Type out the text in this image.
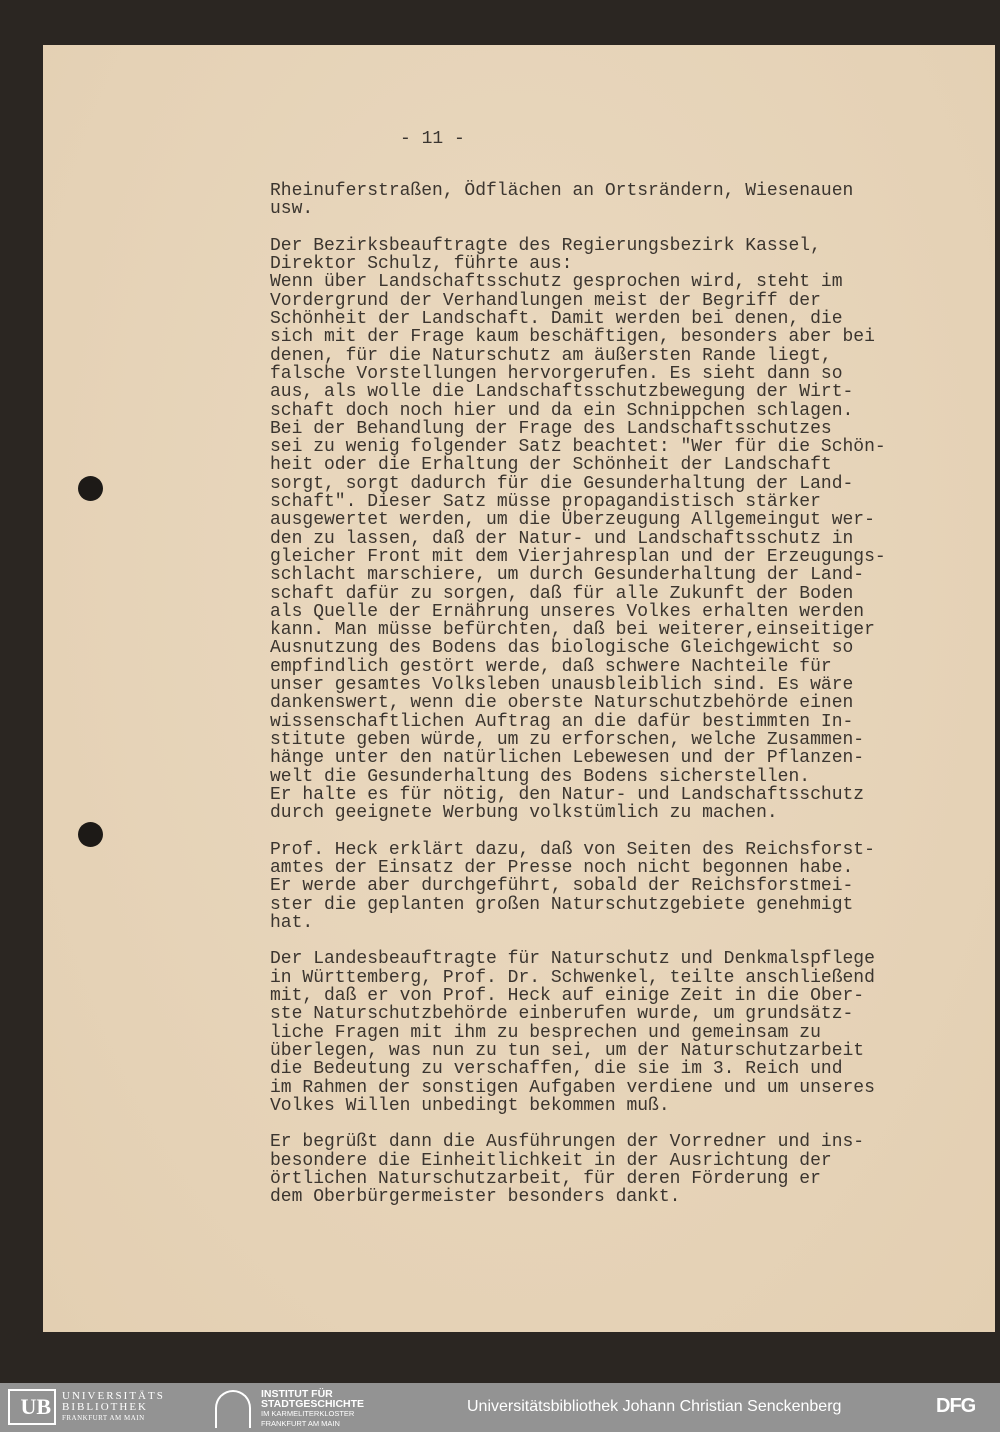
- 11 -
Rheinuferstraßen, Ödflächen an Ortsrändern, Wiesenauen
usw.
Der Bezirksbeauftragte des Regierungsbezirk Kassel,
Direktor Schulz, führte aus:
Wenn über Landschaftsschutz gesprochen wird, steht im
Vordergrund der Verhandlungen meist der Begriff der
Schönheit der Landschaft. Damit werden bei denen, die
sich mit der Frage kaum beschäftigen, besonders aber bei
denen, für die Naturschutz am äußersten Rande liegt,
falsche Vorstellungen hervorgerufen. Es sieht dann so
aus, als wolle die Landschaftsschutzbewegung der Wirt-
schaft doch noch hier und da ein Schnippchen schlagen.
Bei der Behandlung der Frage des Landschaftsschutzes
sei zu wenig folgender Satz beachtet: "Wer für die Schön-
heit oder die Erhaltung der Schönheit der Landschaft
sorgt, sorgt dadurch für die Gesunderhaltung der Land-
schaft". Dieser Satz müsse propagandistisch stärker
ausgewertet werden, um die Überzeugung Allgemeingut wer-
den zu lassen, daß der Natur- und Landschaftsschutz in
gleicher Front mit dem Vierjahresplan und der Erzeugungs-
schlacht marschiere, um durch Gesunderhaltung der Land-
schaft dafür zu sorgen, daß für alle Zukunft der Boden
als Quelle der Ernährung unseres Volkes erhalten werden
kann. Man müsse befürchten, daß bei weiterer,einseitiger
Ausnutzung des Bodens das biologische Gleichgewicht so
empfindlich gestört werde, daß schwere Nachteile für
unser gesamtes Volksleben unausbleiblich sind. Es wäre
dankenswert, wenn die oberste Naturschutzbehörde einen
wissenschaftlichen Auftrag an die dafür bestimmten In-
stitute geben würde, um zu erforschen, welche Zusammen-
hänge unter den natürlichen Lebewesen und der Pflanzen-
welt die Gesunderhaltung des Bodens sicherstellen.
Er halte es für nötig, den Natur- und Landschaftsschutz
durch geeignete Werbung volkstümlich zu machen.
Prof. Heck erklärt dazu, daß von Seiten des Reichsforst-
amtes der Einsatz der Presse noch nicht begonnen habe.
Er werde aber durchgeführt, sobald der Reichsforstmei-
ster die geplanten großen Naturschutzgebiete genehmigt
hat.
Der Landesbeauftragte für Naturschutz und Denkmalspflege
in Württemberg, Prof. Dr. Schwenkel, teilte anschließend
mit, daß er von Prof. Heck auf einige Zeit in die Ober-
ste Naturschutzbehörde einberufen wurde, um grundsätz-
liche Fragen mit ihm zu besprechen und gemeinsam zu
überlegen, was nun zu tun sei, um der Naturschutzarbeit
die Bedeutung zu verschaffen, die sie im 3. Reich und
im Rahmen der sonstigen Aufgaben verdiene und um unseres
Volkes Willen unbedingt bekommen muß.
Er begrüßt dann die Ausführungen der Vorredner und ins-
besondere die Einheitlichkeit in der Ausrichtung der
örtlichen Naturschutzarbeit, für deren Förderung er
dem Oberbürgermeister besonders dankt.
UB	UNIVERSITÄTS
BIBLIOTHEK
FRANKFURT AM MAIN
INSTITUT FÜR
STADTGESCHICHTE
IM KARMELITERKLOSTER
FRANKFURT AM MAIN
Universitätsbibliothek Johann Christian Senckenberg	DFG
